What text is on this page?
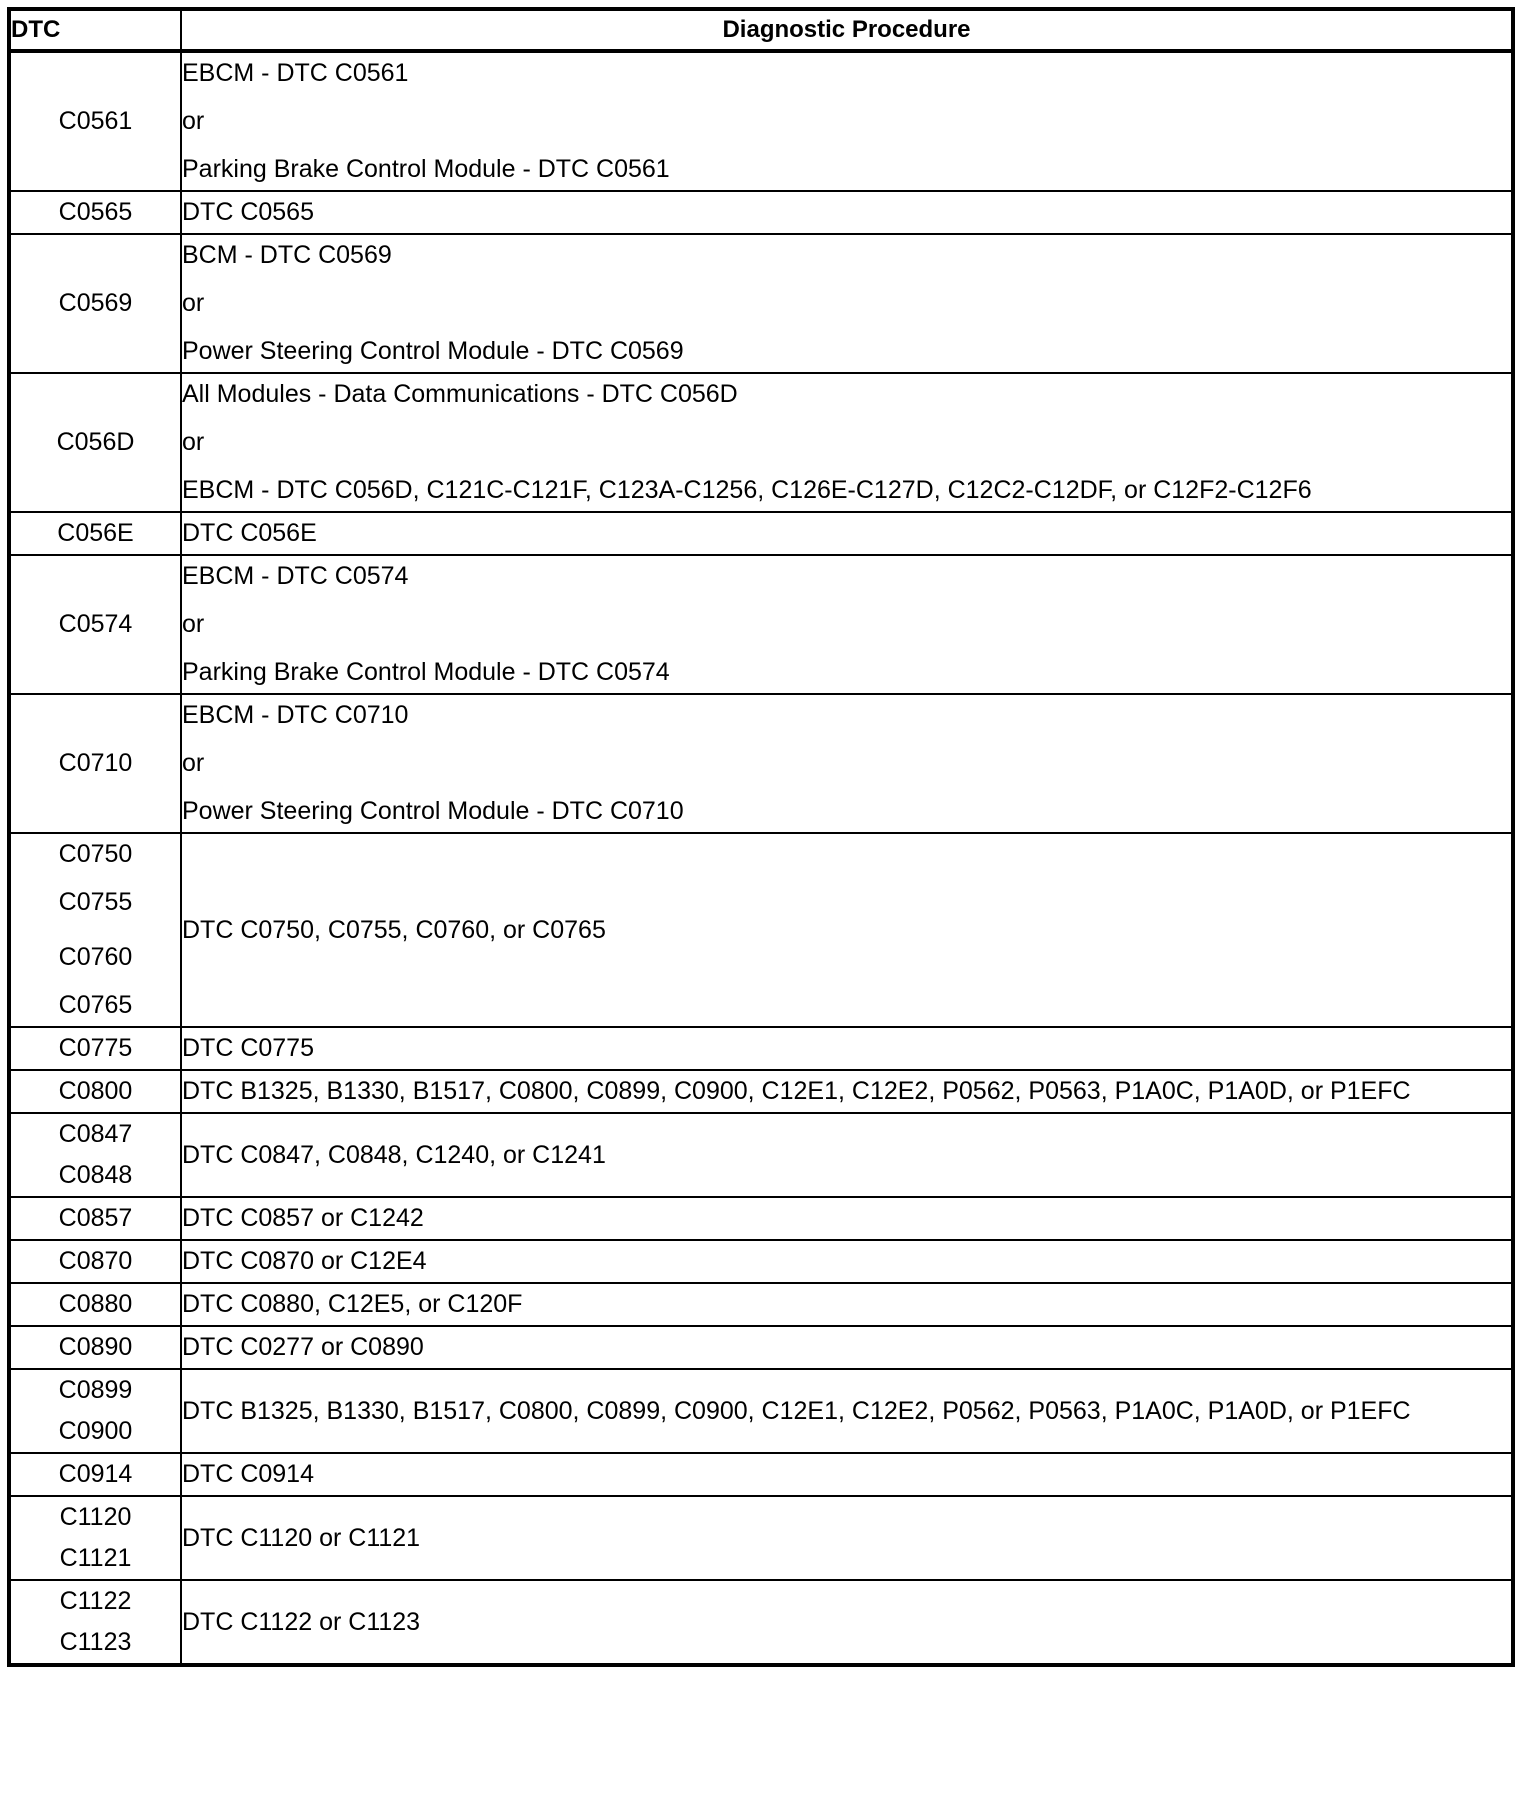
DTC	Diagnostic Procedure

C0561	EBCM - DTC C0561
or
Parking Brake Control Module - DTC C0561

C0565	DTC C0565

C0569	BCM - DTC C0569
or
Power Steering Control Module - DTC C0569

C056D	All Modules - Data Communications - DTC C056D
or
EBCM - DTC C056D, C121C-C121F, C123A-C1256, C126E-C127D, C12C2-C12DF, or C12F2-C12F6

C056E	DTC C056E

C0574	EBCM - DTC C0574
or
Parking Brake Control Module - DTC C0574

C0710	EBCM - DTC C0710
or
Power Steering Control Module - DTC C0710

C0750
C0755
C0760
C0765	DTC C0750, C0755, C0760, or C0765

C0775	DTC C0775

C0800	DTC B1325, B1330, B1517, C0800, C0899, C0900, C12E1, C12E2, P0562, P0563, P1A0C, P1A0D, or P1EFC

C0847
C0848	DTC C0847, C0848, C1240, or C1241

C0857	DTC C0857 or C1242

C0870	DTC C0870 or C12E4

C0880	DTC C0880, C12E5, or C120F

C0890	DTC C0277 or C0890

C0899
C0900	DTC B1325, B1330, B1517, C0800, C0899, C0900, C12E1, C12E2, P0562, P0563, P1A0C, P1A0D, or P1EFC

C0914	DTC C0914

C1120
C1121	DTC C1120 or C1121

C1122
C1123	DTC C1122 or C1123
